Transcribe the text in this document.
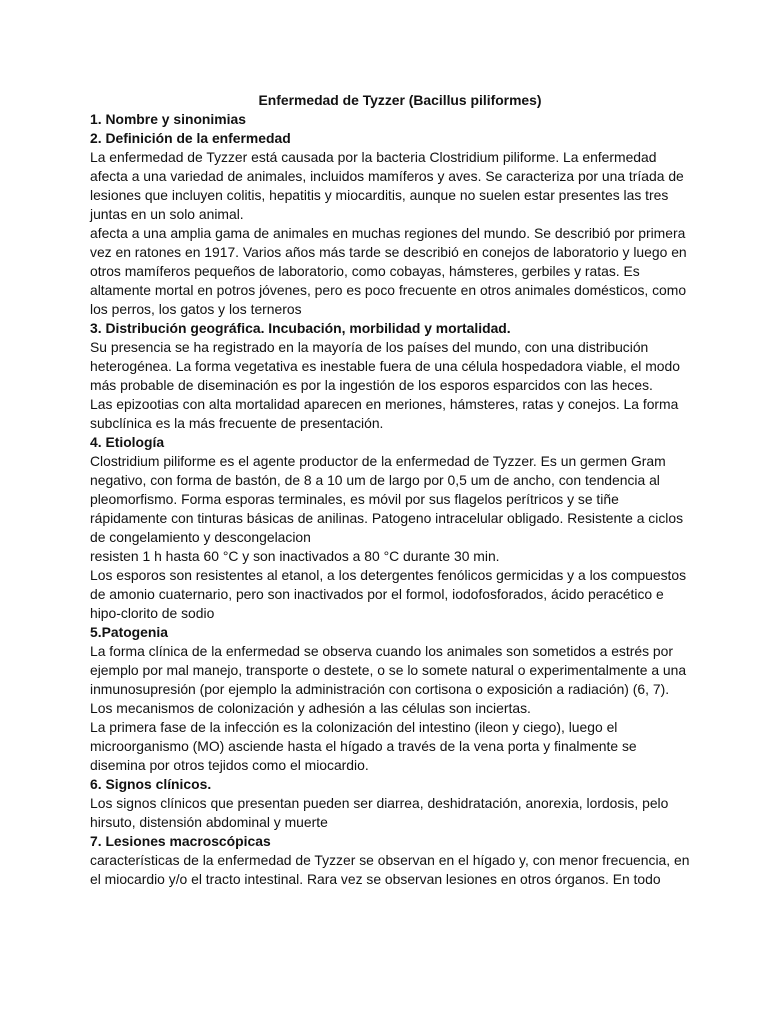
Enfermedad de Tyzzer (Bacillus piliformes)

1. Nombre y sinonimias

2. Definición de la enfermedad

La enfermedad de Tyzzer está causada por la bacteria Clostridium piliforme. La enfermedad afecta a una variedad de animales, incluidos mamíferos y aves. Se caracteriza por una tríada de lesiones que incluyen colitis, hepatitis y miocarditis, aunque no suelen estar presentes las tres juntas en un solo animal.

afecta a una amplia gama de animales en muchas regiones del mundo. Se describió por primera vez en ratones en 1917. Varios años más tarde se describió en conejos de laboratorio y luego en otros mamíferos pequeños de laboratorio, como cobayas, hámsteres, gerbiles y ratas. Es altamente mortal en potros jóvenes, pero es poco frecuente en otros animales domésticos, como los perros, los gatos y los terneros

3. Distribución geográfica. Incubación, morbilidad y mortalidad.

Su presencia se ha registrado en la mayoría de los países del mundo, con una distribución heterogénea. La forma vegetativa es inestable fuera de una célula hospedadora viable, el modo más probable de diseminación es por la ingestión de los esporos esparcidos con las heces.

Las epizootias con alta mortalidad aparecen en meriones, hámsteres, ratas y conejos. La forma subclínica es la más frecuente de presentación.

4. Etiología

Clostridium piliforme es el agente productor de la enfermedad de Tyzzer. Es un germen Gram negativo, con forma de bastón, de 8 a 10 um de largo por 0,5 um de ancho, con tendencia al pleomorfismo. Forma esporas terminales, es móvil por sus flagelos perítricos y se tiñe rápidamente con tinturas básicas de anilinas. Patogeno intracelular obligado. Resistente a ciclos de congelamiento y descongelacion

resisten 1 h hasta 60 °C y son inactivados a 80 °C durante 30 min.

Los esporos son resistentes al etanol, a los detergentes fenólicos germicidas y a los compuestos de amonio cuaternario, pero son inactivados por el formol, iodofosforados, ácido peracético e hipo-clorito de sodio

5.Patogenia

La forma clínica de la enfermedad se observa cuando los animales son sometidos a estrés por ejemplo por mal manejo, transporte o destete, o se lo somete natural o experimentalmente a una inmunosupresión (por ejemplo la administración con cortisona o exposición a radiación) (6, 7).

Los mecanismos de colonización y adhesión a las células son inciertas.

La primera fase de la infección es la colonización del intestino (ileon y ciego), luego el microorganismo (MO) asciende hasta el hígado a través de la vena porta y finalmente se disemina por otros tejidos como el miocardio.

6. Signos clínicos.

Los signos clínicos que presentan pueden ser diarrea, deshidratación, anorexia, lordosis, pelo hirsuto, distensión abdominal y muerte

7. Lesiones macroscópicas

características de la enfermedad de Tyzzer se observan en el hígado y, con menor frecuencia, en el miocardio y/o el tracto intestinal. Rara vez se observan lesiones en otros órganos. En todo
